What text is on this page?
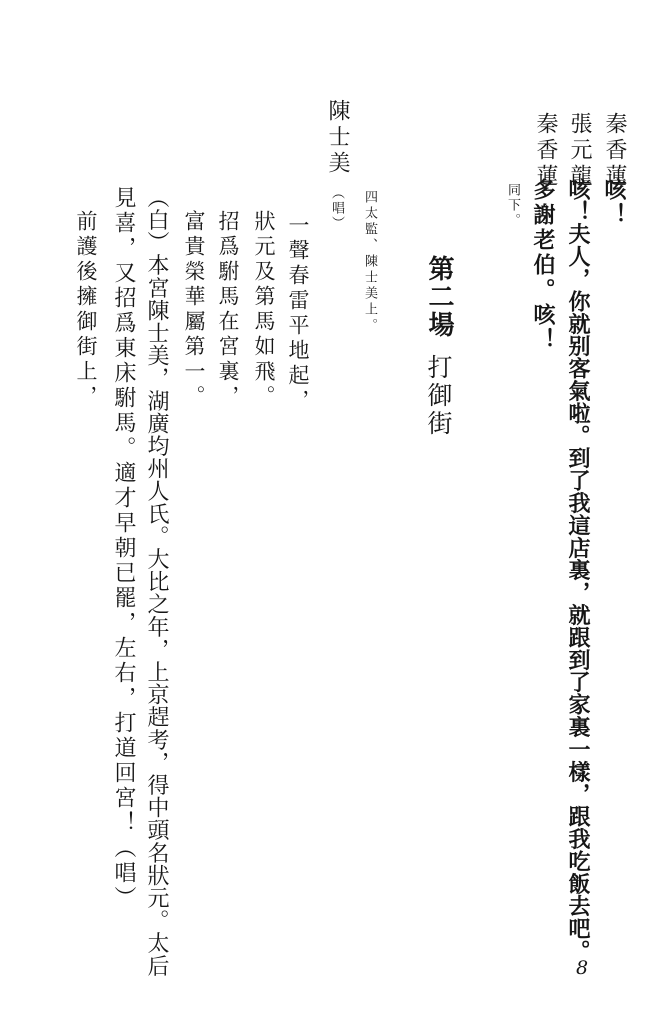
秦香蓮
咳！
張元龍
咳！夫人，你就别客氣啦。到了我這店裏，就跟到了家裏一樣，跟我吃飯去吧。
秦香蓮
多謝老伯。咳！
同下。
第二場
打御街
四太監、陳士美上。
陳士美
（唱）
一聲春雷平地起，
狀元及第馬如飛。
招爲駙馬在宮裏，
富貴榮華屬第一。
（白）本宮陳士美，湖廣均州人氏。大比之年，上京趕考，得中頭名狀元。太后
見喜，又招爲東床駙馬。適才早朝已罷，左右，打道回宮！（唱）
前護後擁御街上，
8
